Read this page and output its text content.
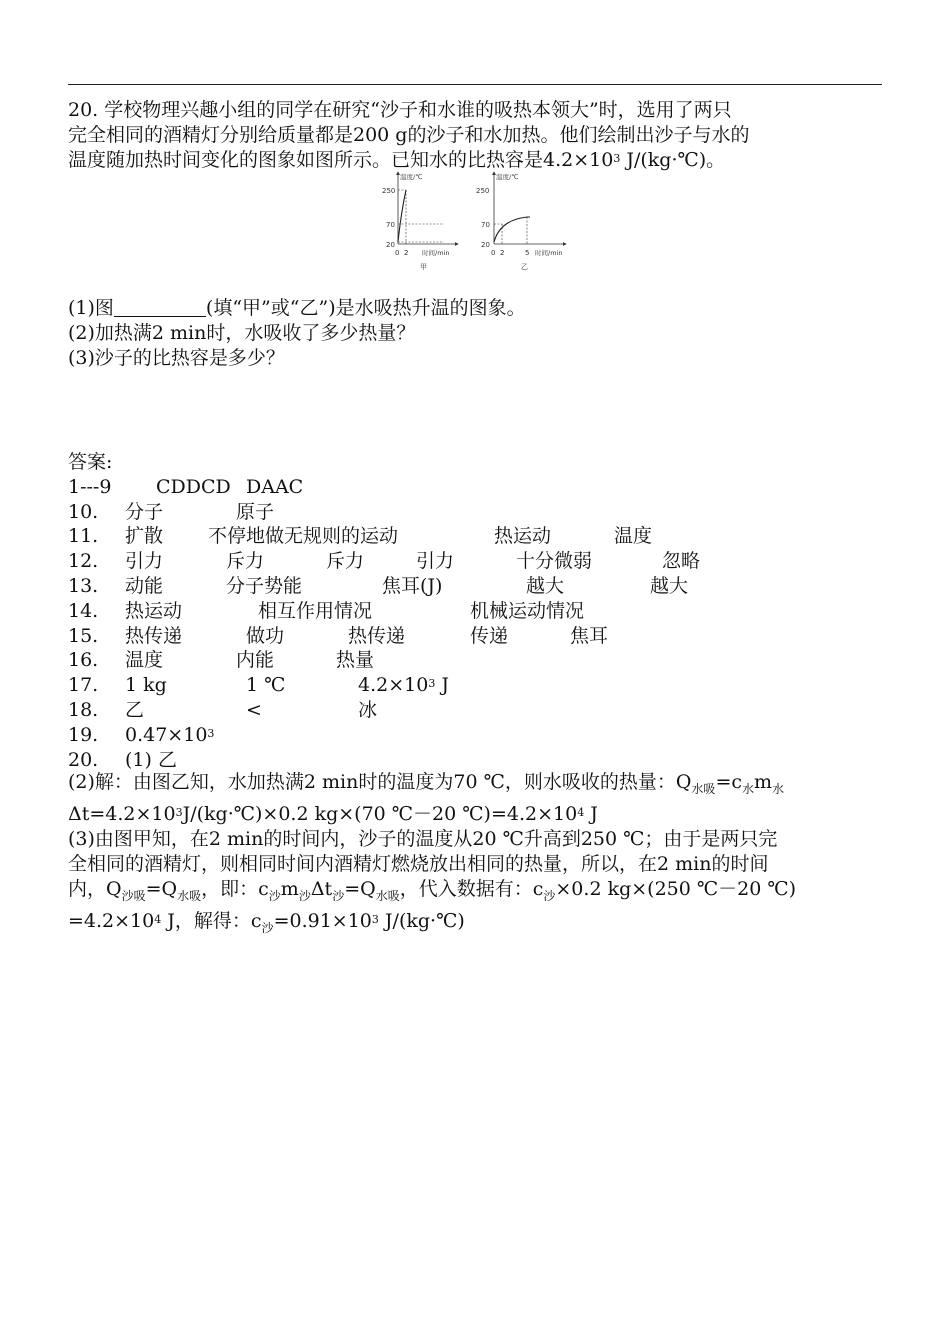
20. 学校物理兴趣小组的同学在研究“沙子和水谁的吸热本领大”时，选用了两只
完全相同的酒精灯分别给质量都是200 g的沙子和水加热。他们绘制出沙子与水的
温度随加热时间变化的图象如图所示。已知水的比热容是$4.2\times 10^3$ J/(kg·℃)。
温度/℃
250
70
20
0 2 时间/min
甲
温度/℃
250
70
20
0 2	5 时间/min
乙
(1)图	(填“甲”或“乙”)是水吸热升温的图象。
(2)加热满2 min时，水吸收了多少热量？
(3)沙子的比热容是多少？
答案:
1---9 CDDCD DAAC
10. 分子	原子
11. 扩散 不停地做无规则的运动	热运动	温度
12. 引力	斥力	斥力	引力	十分微弱	忽略
13. 动能	分子势能	焦耳(J)	越大	越大
14. 热运动	相互作用情况	机械运动情况
15. 热传递	做功	热传递	传递	焦耳
16. 温度	内能	热量
17. 1 kg	1 ℃	$4.2\times 10^3$ J
18. 乙	<	冰
19. $0.47\times 10^3$
20. (1) 乙
(2)解：由图乙知，水加热满2 min时的温度为70 ℃，则水吸收的热量：$Q_{水吸}=c_水m_水$
$\Delta t=4.2\times 10^3J/(kg\cdot℃)\times 0.2$ kg×(70 ℃－20 $℃)=4.2\times 10^4$ J
(3)由图甲知，在2 min的时间内，沙子的温度从20 ℃升高到250 ℃；由于是两只完
全相同的酒精灯，则相同时间内酒精灯燃烧放出相同的热量，所以，在2 min的时间
内，$Q_{沙吸}=Q_{水吸}$，即：$c_沙m_沙\Delta t_沙=Q_{水吸}$，代入数据有：$c_沙\times 0.2$ kg×(250 ℃－20 ℃)
$=4.2\times 10^4$ J，解得：$c_沙=0.91\times 10^3$ J/(kg·℃)
